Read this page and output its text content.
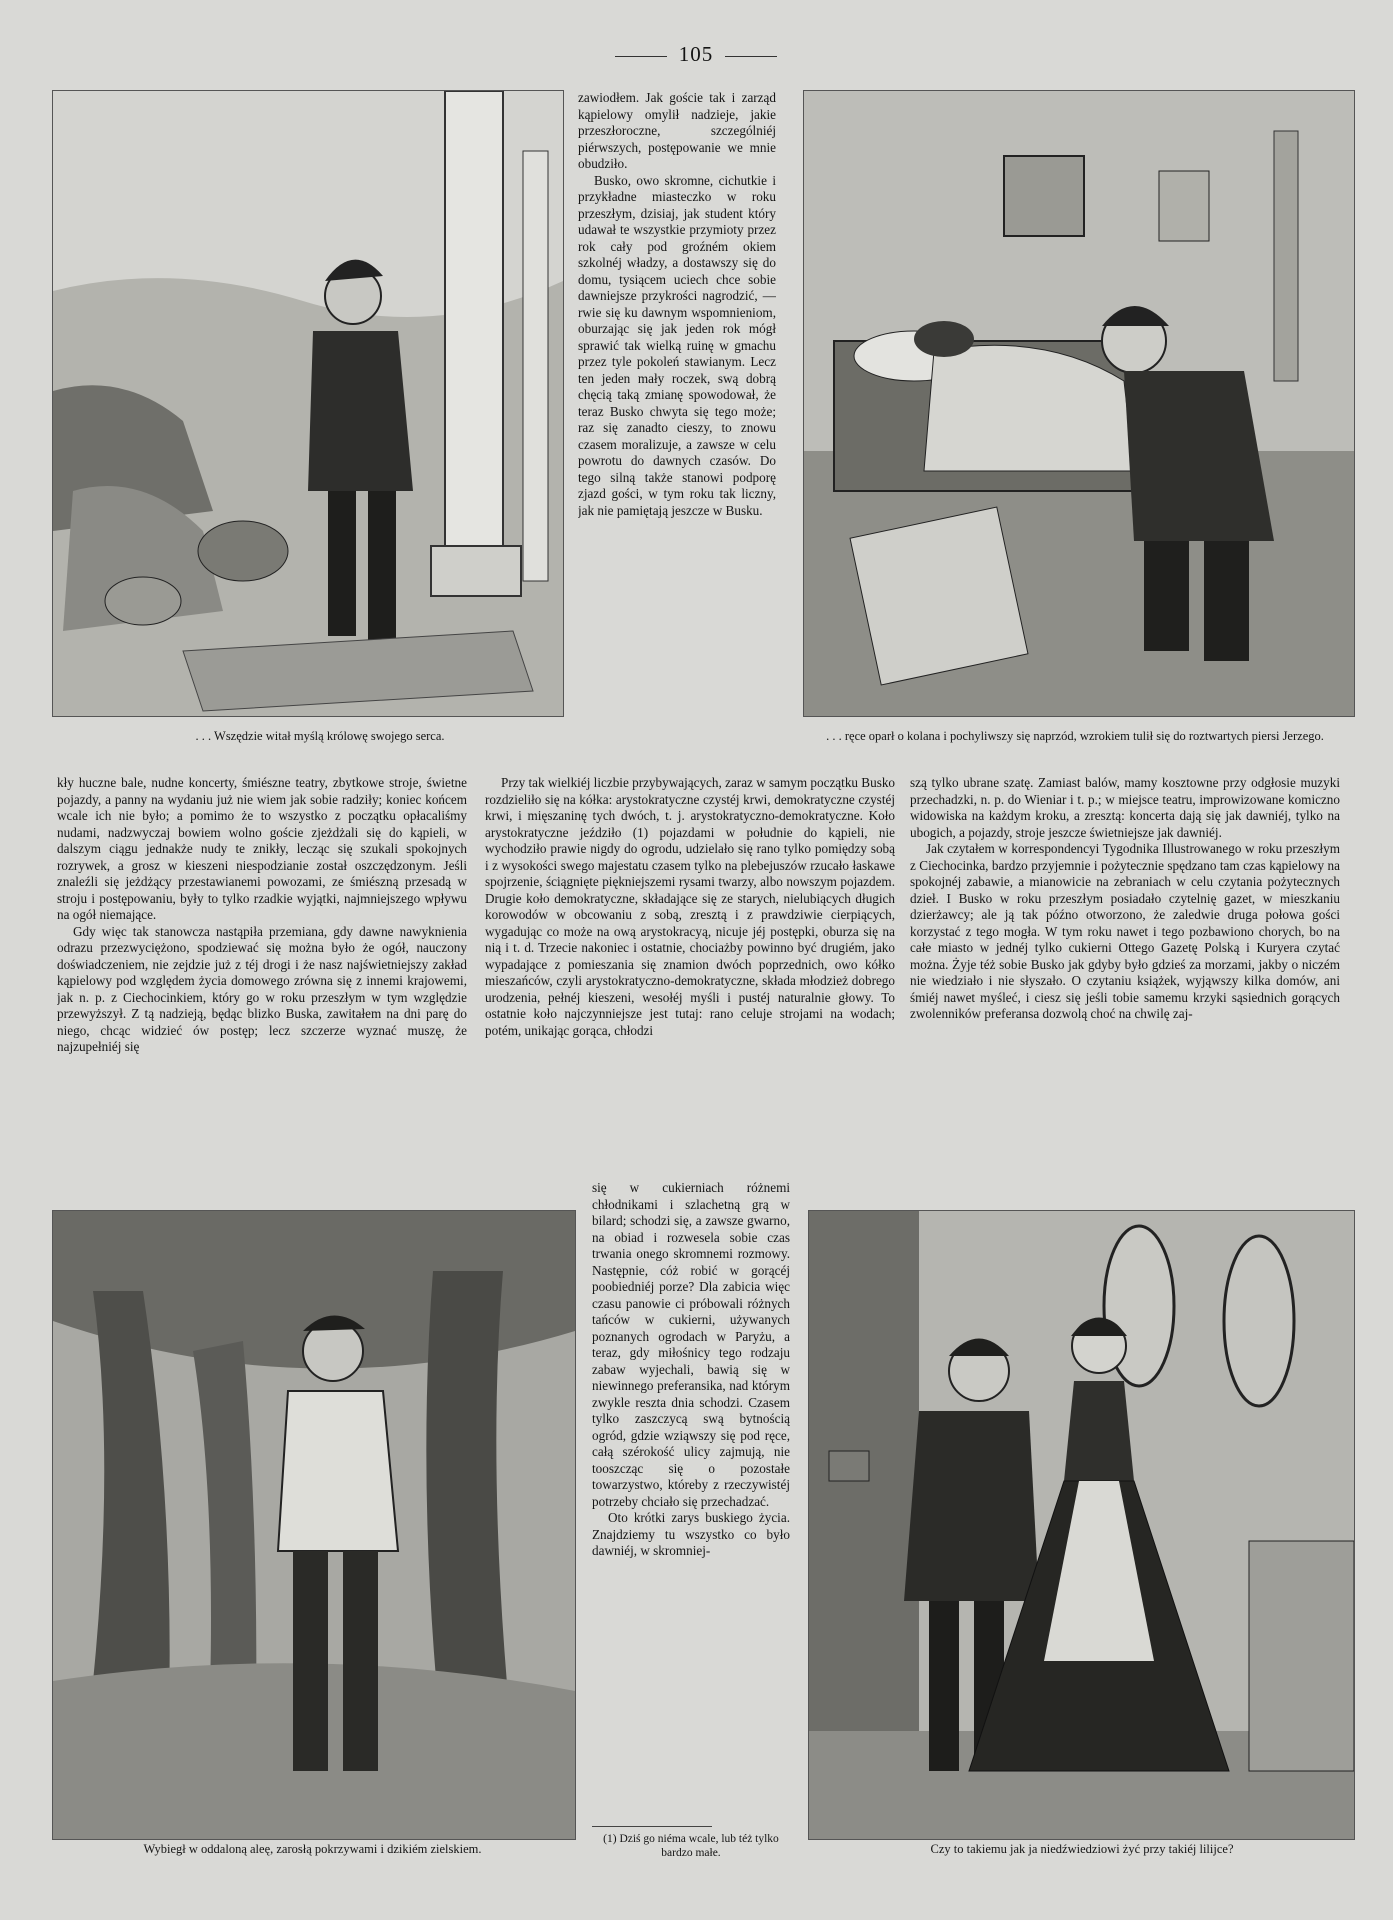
105
. . . Wszędzie witał myślą królowę swojego serca.

zawiodłem. Jak goście tak i zarząd kąpielowy omylił nadzieje, jakie przeszłoroczne, szczególniéj piérwszych, postępowanie we mnie obudziło.

Busko, owo skromne, cichutkie i przykładne miasteczko w roku przeszłym, dzisiaj, jak student który udawał te wszystkie przymioty przez rok cały pod groźném okiem szkolnéj władzy, a dostawszy się do domu, tysiącem uciech chce sobie dawniejsze przykrości nagrodzić, — rwie się ku dawnym wspomnieniom, oburzając się jak jeden rok mógł sprawić tak wielką ruinę w gmachu przez tyle pokoleń stawianym. Lecz ten jeden mały roczek, swą dobrą chęcią taką zmianę spowodował, że teraz Busko chwyta się tego może; raz się zanadto cieszy, to znowu czasem moralizuje, a zawsze w celu powrotu do dawnych czasów. Do tego silną także stanowi podporę zjazd gości, w tym roku tak liczny, jak nie pamiętają jeszcze w Busku.

. . . ręce oparł o kolana i pochyliwszy się naprzód, wzrokiem tulił się do roztwartych piersi Jerzego.

kły huczne bale, nudne koncerty, śmiészne teatry, zbytkowe stroje, świetne pojazdy, a panny na wydaniu już nie wiem jak sobie radziły; koniec końcem wcale ich nie było; a pomimo że to wszystko z początku opłacaliśmy nudami, nadzwyczaj bowiem wolno goście zjeżdżali się do kąpieli, w dalszym ciągu jednakże nudy te znikły, lecząc się szukali spokojnych rozrywek, a grosz w kieszeni niespodzianie został oszczędzonym. Jeśli znaleźli się jeżdżący przestawianemi powozami, ze śmiészną przesadą w stroju i postępowaniu, były to tylko rzadkie wyjątki, najmniejszego wpływu na ogół niemające.

Gdy więc tak stanowcza nastąpiła przemiana, gdy dawne nawyknienia odrazu przezwyciężono, spodziewać się można było że ogół, nauczony doświadczeniem, nie zejdzie już z téj drogi i że nasz najświetniejszy zakład kąpielowy pod względem życia domowego zrówna się z innemi krajowemi, jak n. p. z Ciechocinkiem, który go w roku przeszłym w tym względzie przewyższył. Z tą nadzieją, będąc blizko Buska, zawitałem na dni parę do niego, chcąc widzieć ów postęp; lecz szczerze wyznać muszę, że najzupełniéj się

Przy tak wielkiéj liczbie przybywających, zaraz w samym początku Busko rozdzieliło się na kółka: arystokratyczne czystéj krwi, demokratyczne czystéj krwi, i mięszaninę tych dwóch, t. j. arystokratyczno-demokratyczne. Koło arystokratyczne jeździło (1) pojazdami w południe do kąpieli, nie wychodziło prawie nigdy do ogrodu, udzielało się rano tylko pomiędzy sobą i z wysokości swego majestatu czasem tylko na plebejuszów rzucało łaskawe spojrzenie, ściągnięte piękniejszemi rysami twarzy, albo nowszym pojazdem. Drugie koło demokratyczne, składające się ze starych, nielubiących długich korowodów w obcowaniu z sobą, zresztą i z prawdziwie cierpiących, wygadując co może na ową arystokracyą, nicuje jéj postępki, oburza się na nią i t. d. Trzecie nakoniec i ostatnie, chociażby powinno być drugiém, jako wypadające z pomieszania się znamion dwóch poprzednich, owo kółko mieszańców, czyli arystokratyczno-demokratyczne, składa młodzież dobrego urodzenia, pełnéj kieszeni, wesołéj myśli i pustéj naturalnie głowy. To ostatnie koło najczynniejsze jest tutaj: rano celuje strojami na wodach; potém, unikając gorąca, chłodzi

szą tylko ubrane szatę. Zamiast balów, mamy kosztowne przy odgłosie muzyki przechadzki, n. p. do Wieniar i t. p.; w miejsce teatru, improwizowane komiczno widowiska na każdym kroku, a zresztą: koncerta dają się jak dawniéj, tylko na ubogich, a pojazdy, stroje jeszcze świetniejsze jak dawniéj.

Jak czytałem w korrespondencyi Tygodnika Illustrowanego w roku przeszłym z Ciechocinka, bardzo przyjemnie i pożytecznie spędzano tam czas kąpielowy na spokojnéj zabawie, a mianowicie na zebraniach w celu czytania pożytecznych dzieł. I Busko w roku przeszłym posiadało czytelnię gazet, w mieszkaniu dzierżawcy; ale ją tak późno otworzono, że zaledwie druga połowa gości korzystać z tego mogła. W tym roku nawet i tego pozbawiono chorych, bo na całe miasto w jednéj tylko cukierni Ottego Gazetę Polską i Kuryera czytać można. Żyje téż sobie Busko jak gdyby było gdzieś za morzami, jakby o niczém nie wiedziało i nie słyszało. O czytaniu książek, wyjąwszy kilka domów, ani śmiéj nawet myśleć, i ciesz się jeśli tobie samemu krzyki sąsiednich gorących zwolenników preferansa dozwolą choć na chwilę zaj-

Wybiegł w oddaloną aleę, zarosłą pokrzywami i dzikiém zielskiem.

się w cukierniach różnemi chłodnikami i szlachetną grą w bilard; schodzi się, a zawsze gwarno, na obiad i rozwesela sobie czas trwania onego skromnemi rozmowy. Następnie, cóż robić w gorącéj poobiedniéj porze? Dla zabicia więc czasu panowie ci próbowali różnych tańców w cukierni, używanych poznanych ogrodach w Paryżu, a teraz, gdy miłośnicy tego rodzaju zabaw wyjechali, bawią się w niewinnego preferansika, nad którym zwykle reszta dnia schodzi. Czasem tylko zaszczycą swą bytnością ogród, gdzie wziąwszy się pod ręce, całą szérokość ulicy zajmują, nie tooszcząc się o pozostałe towarzystwo, któreby z rzeczywistéj potrzeby chciało się przechadzać.

Oto krótki zarys buskiego życia. Znajdziemy tu wszystko co było dawniéj, w skromniej-

(1) Dziś go niéma wcale, lub téż tylko bardzo małe.	Czy to takiemu jak ja niedźwiedziowi żyć przy takiéj lilijce?
